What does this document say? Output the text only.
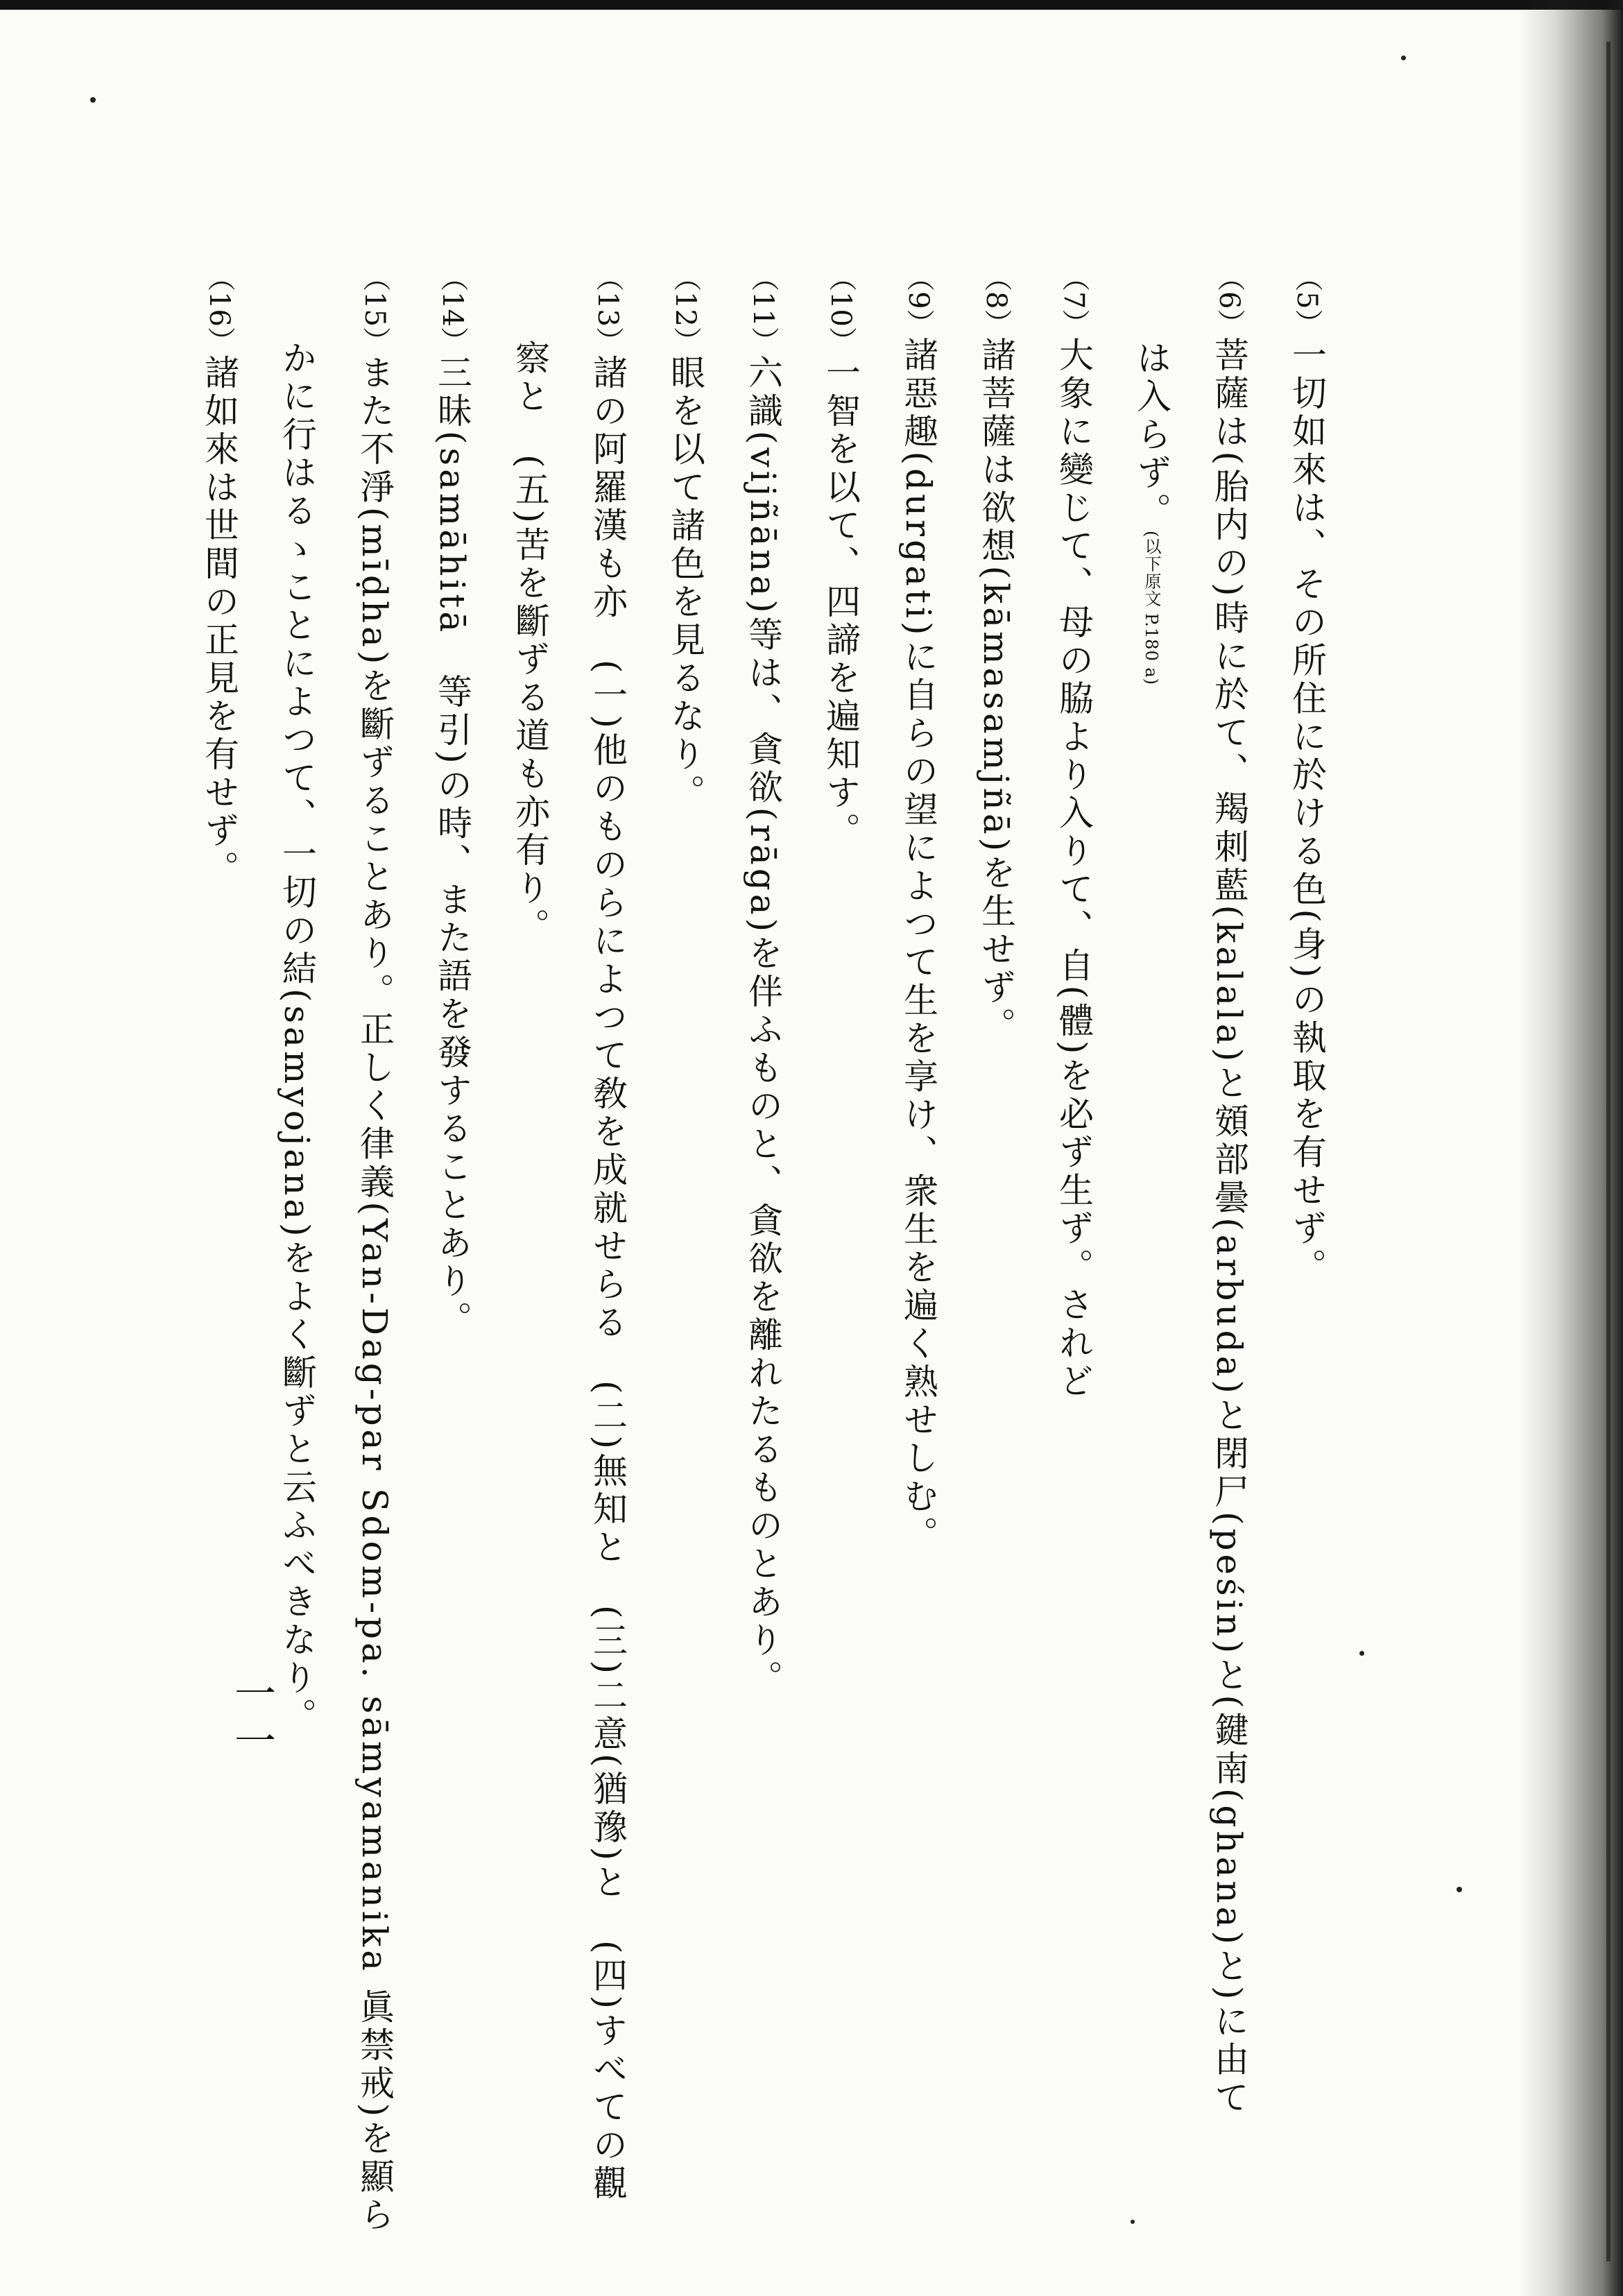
（5）一切如來は、その所住に於ける色(身)の執取を有せず。
（6）菩薩は(胎内の)時に於て、羯刺藍(kalala)と頞部曇(arbuda)と閉尸(peśin)と(鍵南(ghana)と)に由て
は入らず。(以下原文 P.180 a)
（7）大象に變じて、母の脇より入りて、自(體)を必ず生ず。されど
（8）諸菩薩は欲想(kāmasamjñā)を生せず。
（9）諸惡趣(durgati)に自らの望によつて生を享け、衆生を遍く熟せしむ。
（10）一智を以て、四諦を遍知す。
（11）六識(vijñāna)等は、貪欲(rāga)を伴ふものと、貪欲を離れたるものとあり。
（12）眼を以て諸色を見るなり。
（13）諸の阿羅漢も亦　(一)他のものらによつて敎を成就せらる　(二)無知と　(三)二意(猶豫)と　(四)すべての觀
察と　(五)苦を斷ずる道も亦有り。
（14）三昧(samāhitā　等引)の時、また語を發することあり。
（15）また不淨(mīḍha)を斷ずることあり。正しく律義(Yan-Dag-par Sdom-pa. sāmyamanika 眞禁戒)を顯ら
かに行はるゝことによつて、一切の結(samyojana)をよく斷ずと云ふべきなり。
（16）諸如來は世間の正見を有せず。
一一
